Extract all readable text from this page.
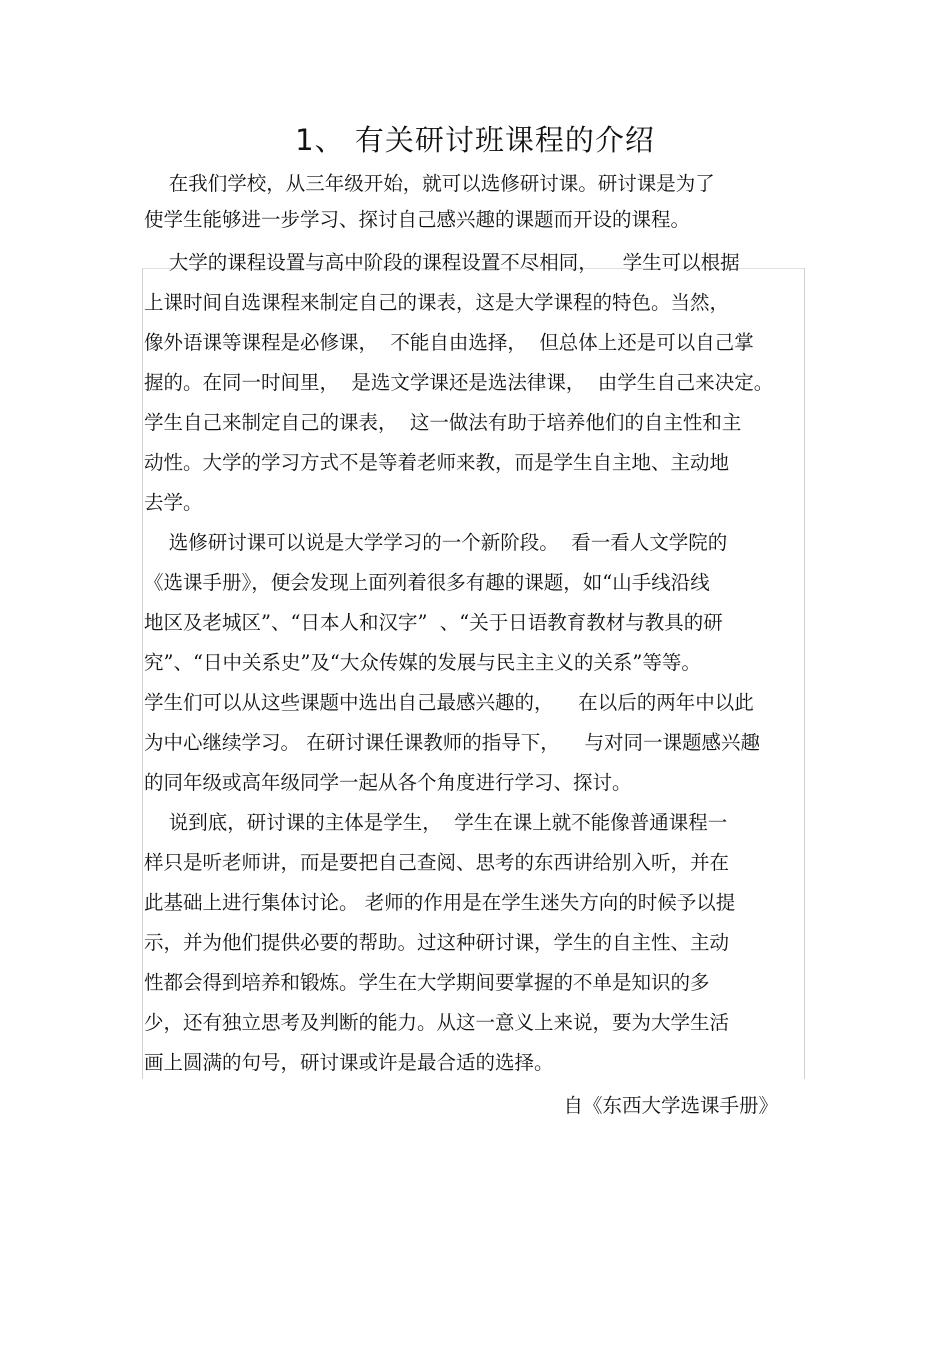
1、 有关研讨班课程的介绍
在我们学校，从三年级开始，就可以选修研讨课。研讨课是为了
使学生能够进一步学习、探讨自己感兴趣的课题而开设的课程。
大学的课程设置与高中阶段的课程设置不尽相同，    学生可以根据
上课时间自选课程来制定自己的课表，这是大学课程的特色。当然，
像外语课等课程是必修课，  不能自由选择，  但总体上还是可以自己掌
握的。在同一时间里，  是选文学课还是选法律课，  由学生自己来决定。
学生自己来制定自己的课表，  这一做法有助于培养他们的自主性和主
动性。大学的学习方式不是等着老师来教，而是学生自主地、主动地
去学。
选修研讨课可以说是大学学习的一个新阶段。  看一看人文学院的
《选课手册》，便会发现上面列着很多有趣的课题，如“山手线沿线
地区及老城区”、“日本人和汉字”  、“关于日语教育教材与教具的研
究”、“日中关系史”及“大众传媒的发展与民主主义的关系”等等。
学生们可以从这些课题中选出自己最感兴趣的，    在以后的两年中以此
为中心继续学习。 在研讨课任课教师的指导下，    与对同一课题感兴趣
的同年级或高年级同学一起从各个角度进行学习、探讨。
说到底，研讨课的主体是学生，  学生在课上就不能像普通课程一
样只是听老师讲，而是要把自己查阅、思考的东西讲给别入听，并在
此基础上进行集体讨论。 老师的作用是在学生迷失方向的时候予以提
示，并为他们提供必要的帮助。过这种研讨课，学生的自主性、主动
性都会得到培养和锻炼。学生在大学期间要掌握的不单是知识的多
少，还有独立思考及判断的能力。从这一意义上来说，要为大学生活
画上圆满的句号，研讨课或许是最合适的选择。
自《东西大学选课手册》
